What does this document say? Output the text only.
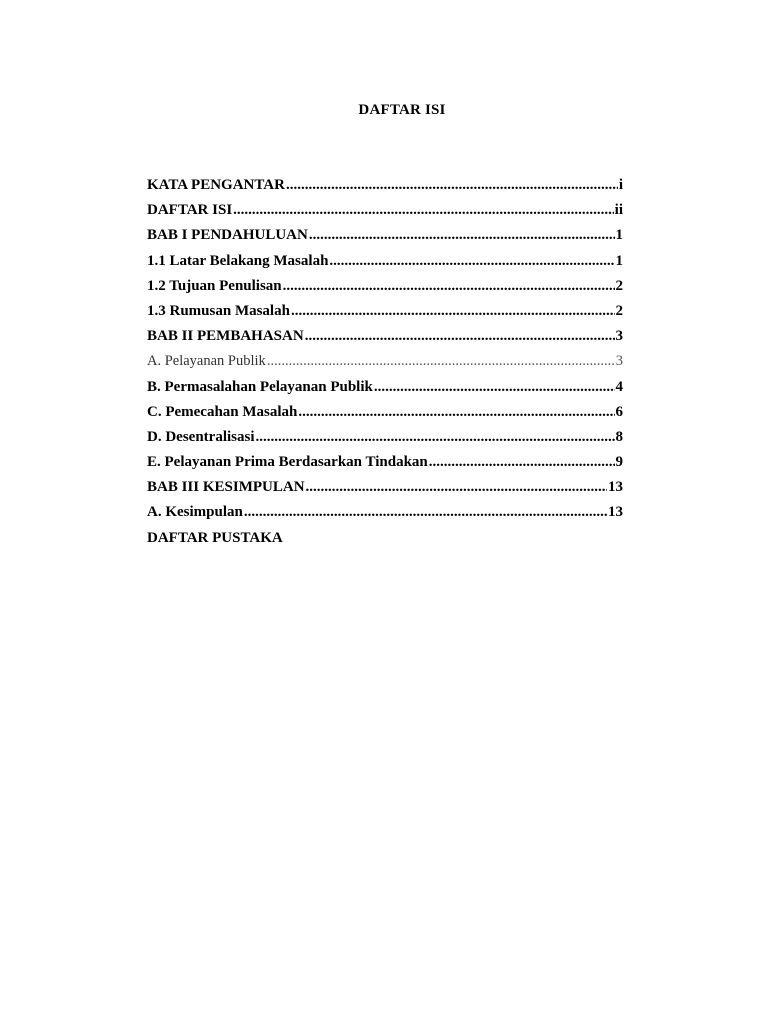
DAFTAR ISI
KATA PENGANTAR .....	i
DAFTAR ISI .....	ii
BAB I PENDAHULUAN .....	1
1.1 Latar Belakang Masalah .....	1
1.2 Tujuan Penulisan .....	2
1.3 Rumusan Masalah .....	2
BAB II PEMBAHASAN .....	3
A. Pelayanan Publik .....	3
B. Permasalahan Pelayanan Publik .....	4
C. Pemecahan Masalah .....	6
D. Desentralisasi .....	8
E. Pelayanan Prima Berdasarkan Tindakan .....	9
BAB III KESIMPULAN .....	13
A. Kesimpulan .....	13
DAFTAR PUSTAKA
